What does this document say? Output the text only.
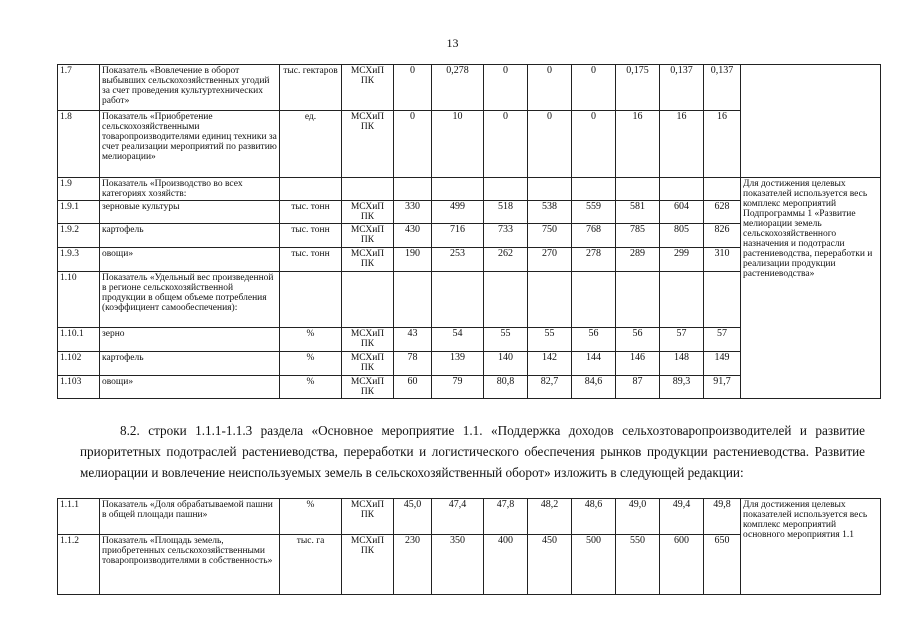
13
1.7	Показатель «Вовлечение в оборот выбывших сельскохозяйственных угодий за счет проведения культуртехнических работ»	тыс. гектаров	МСХиП ПК	0	0,278	0	0	0	0,175	0,137	0,137	
1.8	Показатель «Приобретение сельскохозяйственными товаропроизводителями единиц техники за счет реализации мероприятий по развитию мелиорации»	ед.	МСХиП ПК	0	10	0	0	0	16	16	16	
1.9	Показатель «Производство во всех категориях хозяйств:											Для достижения целевых показателей используется весь комплекс мероприятий Подпрограммы 1 «Развитие мелиорации земель сельскохозяйственного назначения и подотрасли растениеводства, переработки и реализации продукции растениеводства»
1.9.1	зерновые культуры	тыс. тонн	МСХиП ПК	330	499	518	538	559	581	604	628	
1.9.2	картофель	тыс. тонн	МСХиП ПК	430	716	733	750	768	785	805	826	
1.9.3	овощи»	тыс. тонн	МСХиП ПК	190	253	262	270	278	289	299	310	
1.10	Показатель «Удельный вес произведенной в регионе сельскохозяйственной продукции в общем объеме потребления (коэффициент самообеспечения):											
1.10.1	зерно	%	МСХиП ПК	43	54	55	55	56	56	57	57	
1.102	картофель	%	МСХиП ПК	78	139	140	142	144	146	148	149	
1.103	овощи»	%	МСХиП ПК	60	79	80,8	82,7	84,6	87	89,3	91,7	
8.2. строки 1.1.1-1.1.3 раздела «Основное мероприятие 1.1. «Поддержка доходов сельхозтоваропроизводителей и развитие приоритетных подотраслей растениеводства, переработки и логистического обеспечения рынков продукции растениеводства. Развитие мелиорации и вовлечение неиспользуемых земель в сельскохозяйственный оборот» изложить в следующей редакции:
1.1.1	Показатель «Доля обрабатываемой пашни в общей площади пашни»	%	МСХиП ПК	45,0	47,4	47,8	48,2	48,6	49,0	49,4	49,8	Для достижения целевых показателей используется весь комплекс мероприятий основного мероприятия 1.1
1.1.2	Показатель «Площадь земель, приобретенных сельскохозяйственными товаропроизводителями в собственность»	тыс. га	МСХиП ПК	230	350	400	450	500	550	600	650	
